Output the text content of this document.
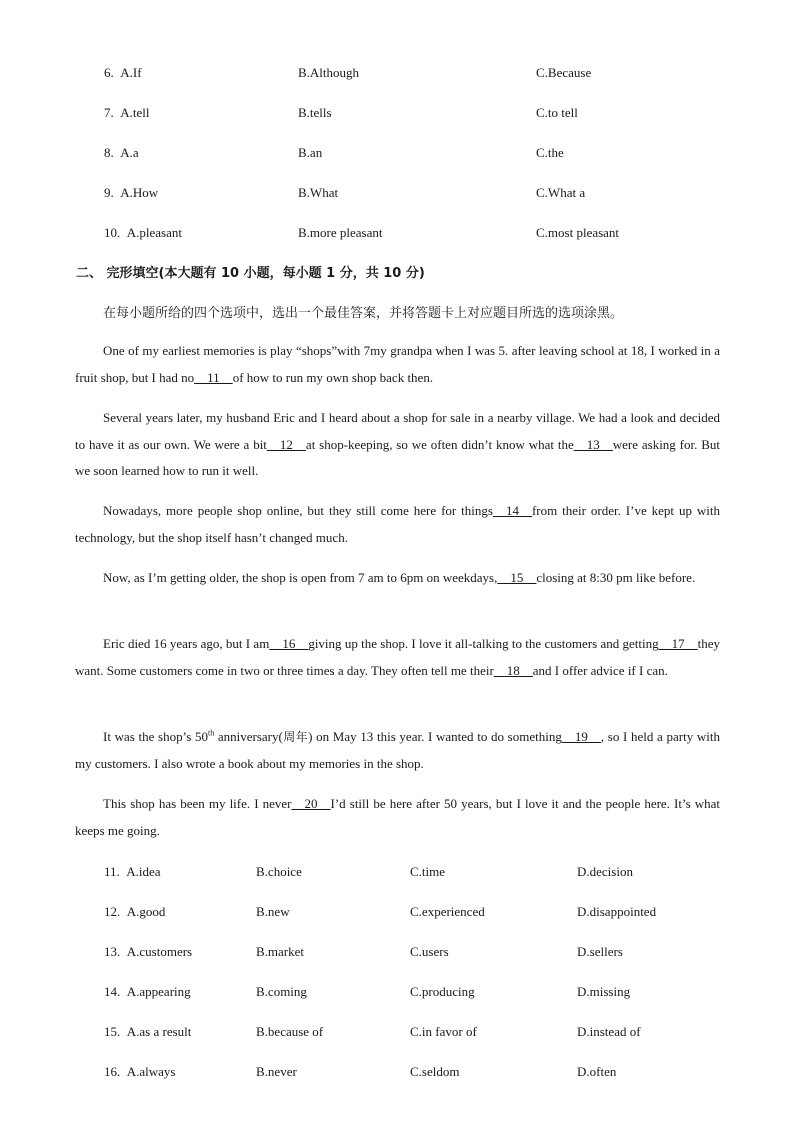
6. A.If	B.Although	C.Because
7. A.tell	B.tells	C.to tell
8. A.a	B.an	C.the
9. A.How	B.What	C.What a
10. A.pleasant	B.more pleasant	C.most pleasant
二、 完形填空(本大题有 10 小题，每小题 1 分，共 10 分)
在每小题所给的四个选项中，选出一个最佳答案，并将答题卡上对应题目所选的选项涂黑。

One of my earliest memories is play “shops”with 7my grandpa when I was 5. after leaving school at 18, I worked in a fruit shop, but I had no__11__of how to run my own shop back then.

Several years later, my husband Eric and I heard about a shop for sale in a nearby village. We had a look and decided to have it as our own. We were a bit__12__at shop-keeping, so we often didn’t know what the__13__were asking for. But we soon learned how to run it well.

Nowadays, more people shop online, but they still come here for things__14__from their order. I’ve kept up with technology, but the shop itself hasn’t changed much.

Now, as I’m getting older, the shop is open from 7 am to 6pm on weekdays,__15__closing at 8:30 pm like before.

Eric died 16 years ago, but I am__16__giving up the shop. I love it all-talking to the customers and getting__17__they want. Some customers come in two or three times a day. They often tell me their__18__and I offer advice if I can.

It was the shop’s 50th anniversary(周年) on May 13 this year. I wanted to do something__19__, so I held a party with my customers. I also wrote a book about my memories in the shop.

This shop has been my life. I never__20__I’d still be here after 50 years, but I love it and the people here. It’s what keeps me going.

11. A.idea	B.choice	C.time	D.decision
12. A.good	B.new	C.experienced	D.disappointed
13. A.customers	B.market	C.users	D.sellers
14. A.appearing	B.coming	C.producing	D.missing
15. A.as a result	B.because of	C.in favor of	D.instead of
16. A.always	B.never	C.seldom	D.often
